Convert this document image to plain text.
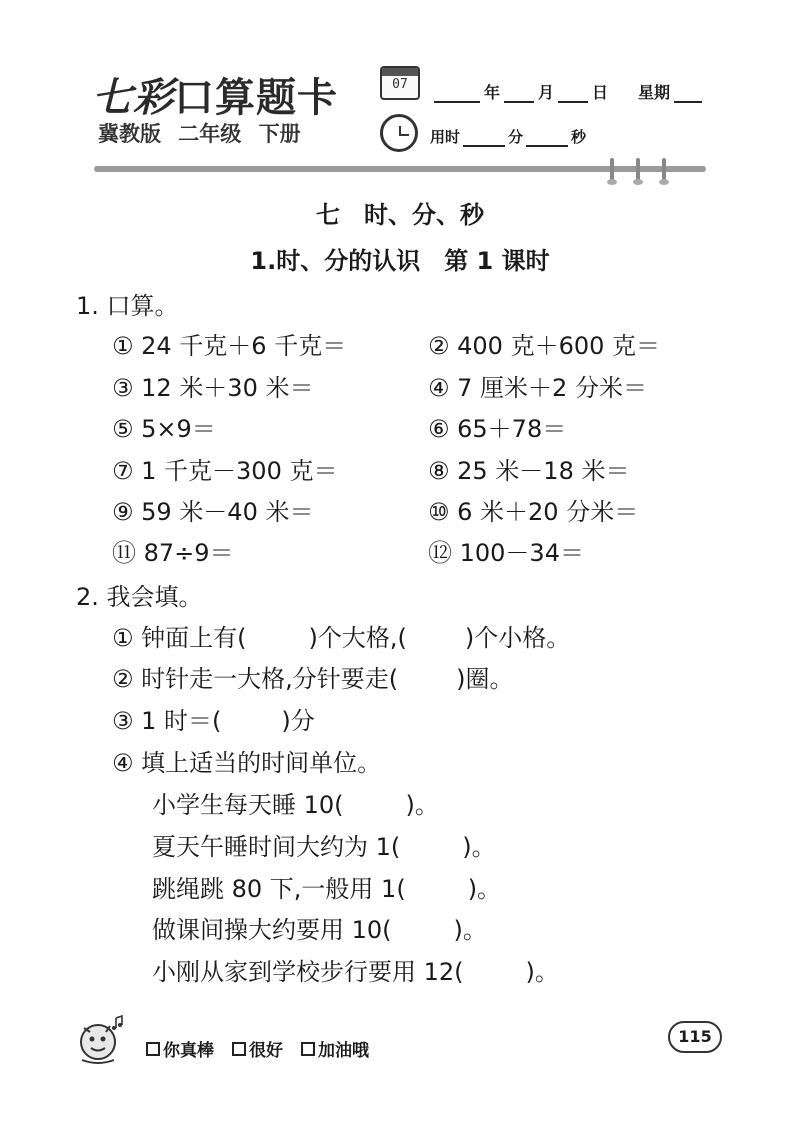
七彩口算题卡
冀教版 二年级 下册
07	年 月 日 星期
用时	分	秒
七　时、分、秒
1.时、分的认识　第 1 课时
1. 口算。
① 24 千克＋6 千克＝	② 400 克＋600 克＝
③ 12 米＋30 米＝	④ 7 厘米＋2 分米＝
⑤ 5×9＝	⑥ 65＋78＝
⑦ 1 千克－300 克＝	⑧ 25 米－18 米＝
⑨ 59 米－40 米＝	⑩ 6 米＋20 分米＝
⑪ 87÷9＝	⑫ 100－34＝
2. 我会填。
① 钟面上有(	)个大格,( )个小格。
② 时针走一大格,分针要走( )圈。
③ 1 时＝(	)分
④ 填上适当的时间单位。
小学生每天睡 10(	)。
夏天午睡时间大约为 1(	)。
跳绳跳 80 下,一般用 1(	)。
做课间操大约要用 10(	)。
小刚从家到学校步行要用 12(	)。
你真棒 很好 加油哦
115
